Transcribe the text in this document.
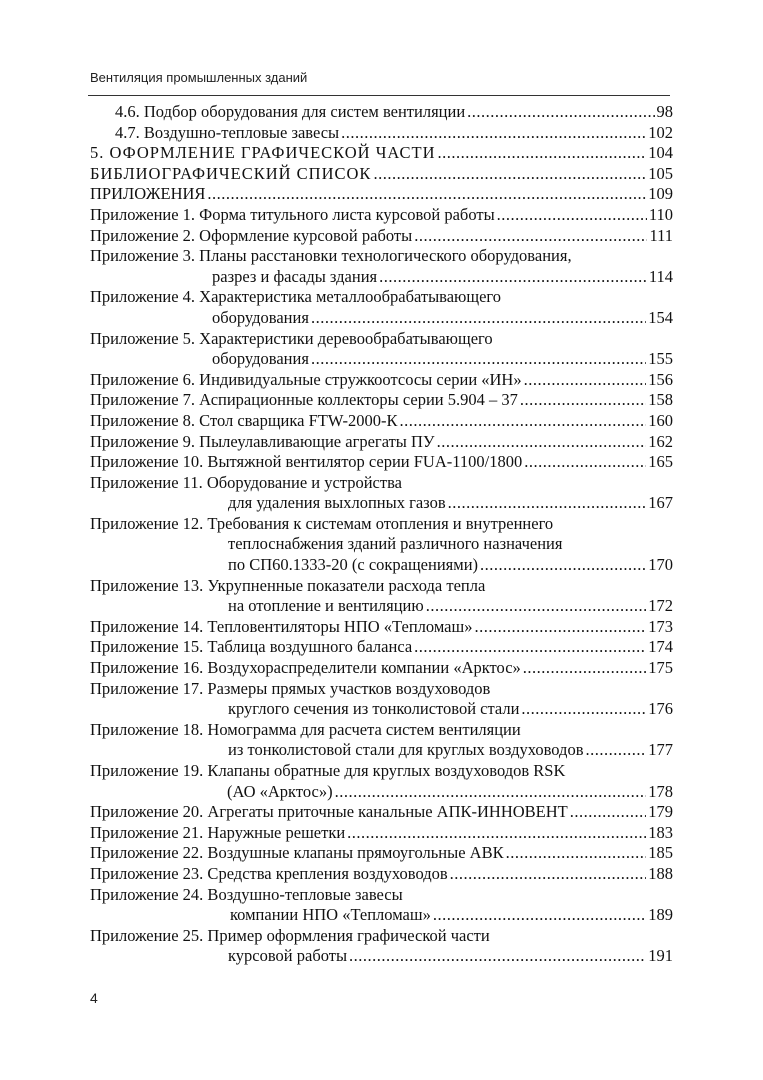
Вентиляция промышленных зданий
4.6. Подбор оборудования для систем вентиляции .....	98
4.7. Воздушно-тепловые завесы .....	102
5. ОФОРМЛЕНИЕ ГРАФИЧЕСКОЙ ЧАСТИ .....	104
БИБЛИОГРАФИЧЕСКИЙ СПИСОК .....	105
ПРИЛОЖЕНИЯ .....	109
Приложение 1. Форма титульного листа курсовой работы .....	110
Приложение 2. Оформление курсовой работы .....	111
Приложение 3. Планы расстановки технологического оборудования,
разрез и фасады здания .....	114
Приложение 4. Характеристика металлообрабатывающего
оборудования .....	154
Приложение 5. Характеристики деревообрабатывающего
оборудования .....	155
Приложение 6. Индивидуальные стружкоотсосы серии «ИН» .....	156
Приложение 7. Аспирационные коллекторы серии 5.904 – 37 .....	158
Приложение 8. Стол сварщика FTW-2000-К .....	160
Приложение 9. Пылеулавливающие агрегаты ПУ .....	162
Приложение 10. Вытяжной вентилятор серии FUA-1100/1800 .....	165
Приложение 11. Оборудование и устройства
для удаления выхлопных газов .....	167
Приложение 12. Требования к системам отопления и внутреннего
теплоснабжения зданий различного назначения
по СП60.1333-20 (с сокращениями) .....	170
Приложение 13. Укрупненные показатели расхода тепла
на отопление и вентиляцию .....	172
Приложение 14. Тепловентиляторы НПО «Тепломаш» .....	173
Приложение 15. Таблица воздушного баланса .....	174
Приложение 16. Воздухораспределители компании «Арктос» .....	175
Приложение 17. Размеры прямых участков воздуховодов
круглого сечения из тонколистовой стали .....	176
Приложение 18. Номограмма для расчета систем вентиляции
из тонколистовой стали для круглых воздуховодов .....	177
Приложение 19. Клапаны обратные для круглых воздуховодов RSK
(АО «Арктос») .....	178
Приложение 20. Агрегаты приточные канальные АПК-ИННОВЕНТ .....	179
Приложение 21. Наружные решетки .....	183
Приложение 22. Воздушные клапаны прямоугольные АВК .....	185
Приложение 23. Средства крепления воздуховодов .....	188
Приложение 24. Воздушно-тепловые завесы
компании НПО «Тепломаш» .....	189
Приложение 25. Пример оформления графической части
курсовой работы .....	191
4
